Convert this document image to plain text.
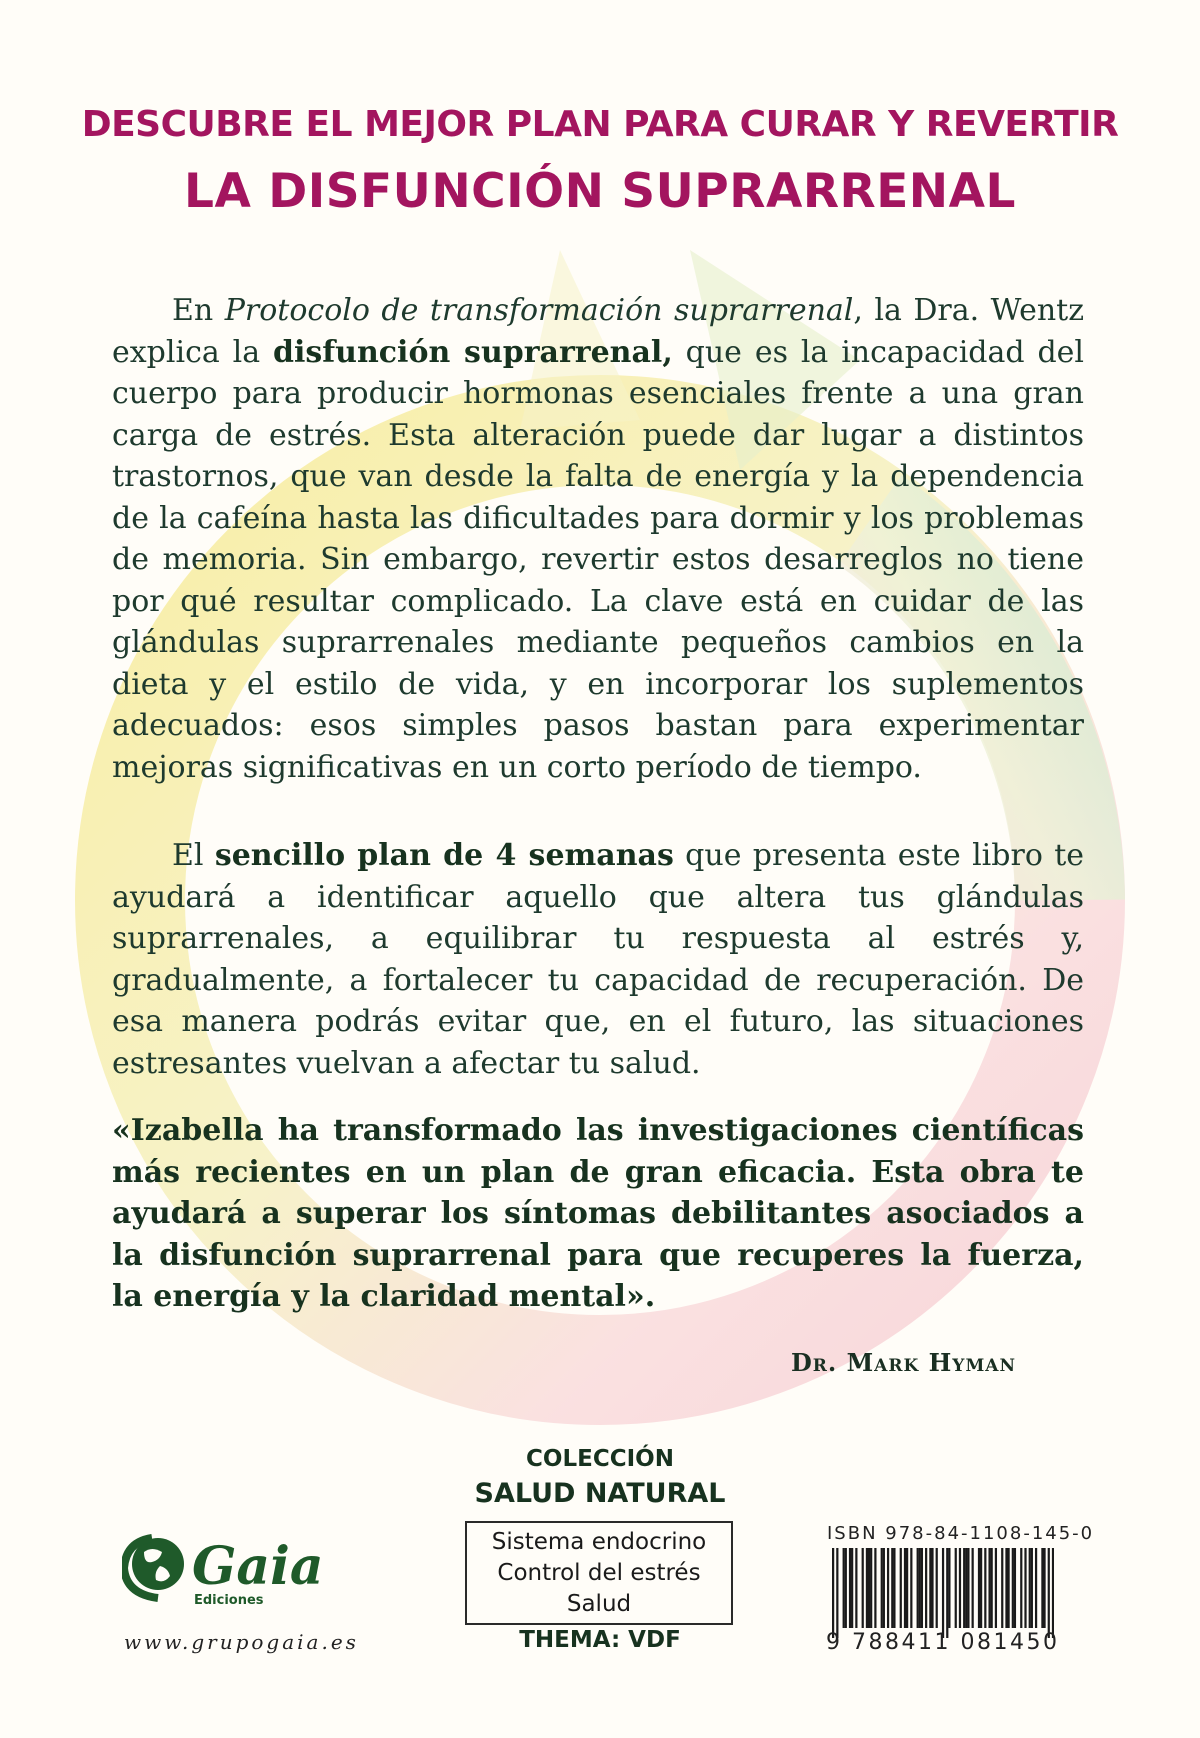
DESCUBRE EL MEJOR PLAN PARA CURAR Y REVERTIR
LA DISFUNCIÓN SUPRARRENAL
En Protocolo de transformación suprarrenal, la Dra. Wentz explica la disfunción suprarrenal, que es la incapacidad del cuerpo para producir hormonas esenciales frente a una gran carga de estrés. Esta alteración puede dar lugar a distintos trastornos, que van desde la falta de energía y la dependencia de la cafeína hasta las dificultades para dormir y los problemas de memoria. Sin embargo, revertir estos desarreglos no tiene por qué resultar complicado. La clave está en cuidar de las glándulas suprarrenales mediante pequeños cambios en la dieta y el estilo de vida, y en incorporar los suplementos adecuados: esos simples pasos bastan para experimentar mejoras significativas en un corto período de tiempo.
El sencillo plan de 4 semanas que presenta este libro te ayudará a identificar aquello que altera tus glándulas suprarrenales, a equilibrar tu respuesta al estrés y, gradualmente, a fortalecer tu capacidad de recuperación. De esa manera podrás evitar que, en el futuro, las situaciones estresantes vuelvan a afectar tu salud.
«Izabella ha transformado las investigaciones científicas más recientes en un plan de gran eficacia. Esta obra te ayudará a superar los síntomas debilitantes asociados a la disfunción suprarrenal para que recuperes la fuerza, la energía y la claridad mental».
Dr. Mark Hyman
COLECCIÓN
SALUD NATURAL
Sistema endocrino
Control del estrés
Salud
THEMA: VDF
Gaia
Ediciones
www.grupogaia.es
ISBN 978-84-1108-145-0
9 788411 081450
